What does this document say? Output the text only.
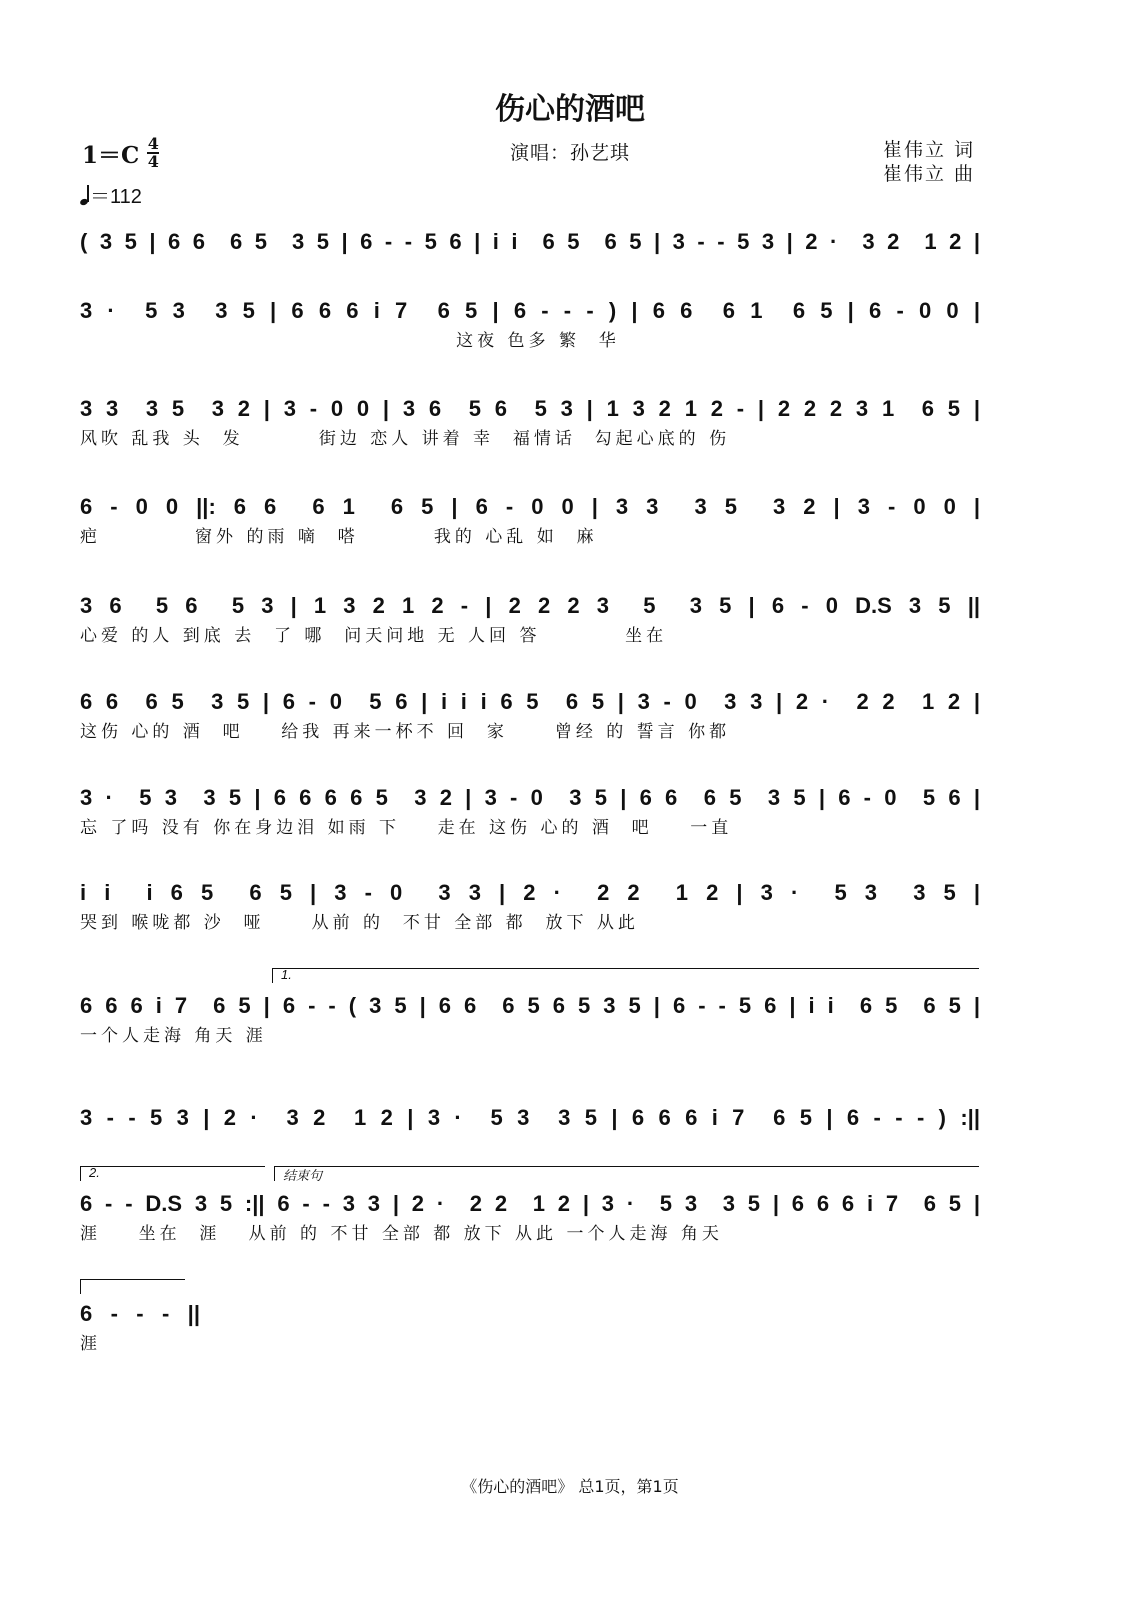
伤心的酒吧
演唱：孙艺琪
1＝C 4
4
＝112
崔伟立 词
崔伟立 曲
( 3 5 | 6 6  6 5  3 5 | 6 - - 5 6 | i i  6 5  6 5 | 3 - - 5 3 | 2 ·  3 2  1 2 |
3 ·  5 3  3 5 | 6 6 6 i 7  6 5 | 6 - - - ) | 6 6  6 1  6 5 | 6 - 0 0 |
这夜 色多 繁  华
3 3  3 5  3 2 | 3 - 0 0 | 3 6  5 6  5 3 | 1 3 2 1 2 - | 2 2 2 3 1  6 5 |
风吹 乱我 头  发        街边 恋人 讲着 幸  福情话  勾起心底的 伤
6 - 0 0 ||: 6 6  6 1  6 5 | 6 - 0 0 | 3 3  3 5  3 2 | 3 - 0 0 |
疤          窗外 的雨 嘀  嗒        我的 心乱 如  麻
3 6  5 6  5 3 | 1 3 2 1 2 - | 2 2 2 3  5  3 5 | 6 - 0 D.S 3 5 ||
心爱 的人 到底 去  了 哪  问天问地 无 人回 答         坐在
6 6  6 5  3 5 | 6 - 0  5 6 | i i i 6 5  6 5 | 3 - 0  3 3 | 2 ·  2 2  1 2 |
这伤 心的 酒  吧    给我 再来一杯不 回  家     曾经 的 誓言 你都
3 ·  5 3  3 5 | 6 6 6 6 5  3 2 | 3 - 0  3 5 | 6 6  6 5  3 5 | 6 - 0  5 6 |
忘 了吗 没有 你在身边泪 如雨 下    走在 这伤 心的 酒  吧    一直
i i  i 6 5  6 5 | 3 - 0  3 3 | 2 ·  2 2  1 2 | 3 ·  5 3  3 5 |
哭到 喉咙都 沙  哑     从前 的  不甘 全部 都  放下 从此
1.
6 6 6 i 7  6 5 | 6 - - ( 3 5 | 6 6  6 5 6 5 3 5 | 6 - - 5 6 | i i  6 5  6 5 |
一个人走海 角天 涯
3 - - 5 3 | 2 ·  3 2  1 2 | 3 ·  5 3  3 5 | 6 6 6 i 7  6 5 | 6 - - - ) :||
2.	结束句
6 - - D.S 3 5 :|| 6 - - 3 3 | 2 ·  2 2  1 2 | 3 ·  5 3  3 5 | 6 6 6 i 7  6 5 |
涯    坐在  涯   从前 的 不甘 全部 都 放下 从此 一个人走海 角天
6 - - - ||
涯
《伤心的酒吧》 总1页，第1页
